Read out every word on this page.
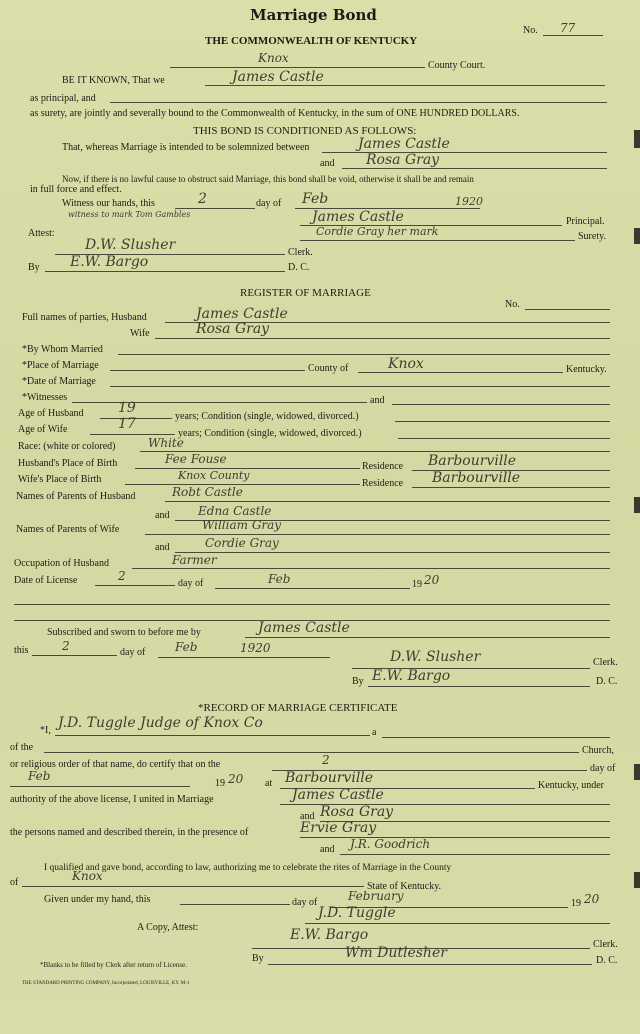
Marriage Bond
No. 77
THE COMMONWEALTH OF KENTUCKY
Knox
County Court.
BE IT KNOWN, That we	James Castle
as principal, and
as surety, are jointly and severally bound to the Commonwealth of Kentucky, in the sum of ONE HUNDRED DOLLARS.
THIS BOND IS CONDITIONED AS FOLLOWS:
That, whereas Marriage is intended to be solemnized between	James Castle
and Rosa Gray
Now, if there is no lawful cause to obstruct said Marriage, this bond shall be void, otherwise it shall be and remain
in full force and effect.
Witness our hands, this	2	day of Feb	1920
witness to mark Tom Gambles	James Castle	Principal.
Attest:	Cordie Gray her mark	Surety.
D.W. Slusher	Clerk.
By E.W. Bargo	D. C.
REGISTER OF MARRIAGE
No.
Full names of parties, Husband	James Castle
Wife	Rosa Gray
*By Whom Married
*Place of Marriage	County of	Knox	Kentucky.
*Date of Marriage
*Witnesses	and
Age of Husband 19
years; Condition (single, widowed, divorced.)
Age of Wife	17
years; Condition (single, widowed, divorced.)
Race: (white or colored)	White
Husband's Place of Birth	Fee Fouse
Residence Barbourville
Wife's Place of Birth	Knox County
Residence Barbourville
Names of Parents of Husband	Robt Castle
and Edna Castle
Names of Parents of Wife	William Gray
and	Cordie Gray
Occupation of Husband	Farmer
Date of License	2
day of	Feb	19 20
Subscribed and sworn to before me by	James Castle
this	2	day of Feb	1920
D.W. Slusher	Clerk.
By E.W. Bargo	D. C.
*RECORD OF MARRIAGE CERTIFICATE
*I, J.D. Tuggle Judge of Knox Co
a
of the	Church,
or religious order of that name, do certify that on the	2
day of
Feb
19 20 at Barbourville	Kentucky, under
authority of the above license, I united in Marriage	James Castle
and Rosa Gray
the persons named and described therein, in the presence of	Ervie Gray
and J.R. Goodrich
I qualified and gave bond, according to law, authorizing me to celebrate the rites of Marriage in the County
of	Knox
State of Kentucky.
Given under my hand, this	day of	February
19 20
J.D. Tuggle
A Copy, Attest:	E.W. Bargo
Clerk.
By	Wm Dutlesher	D. C.
*Blanks to be filled by Clerk after return of License.
THE STANDARD PRINTING COMPANY, Incorporated, LOUISVILLE, KY. M-1
